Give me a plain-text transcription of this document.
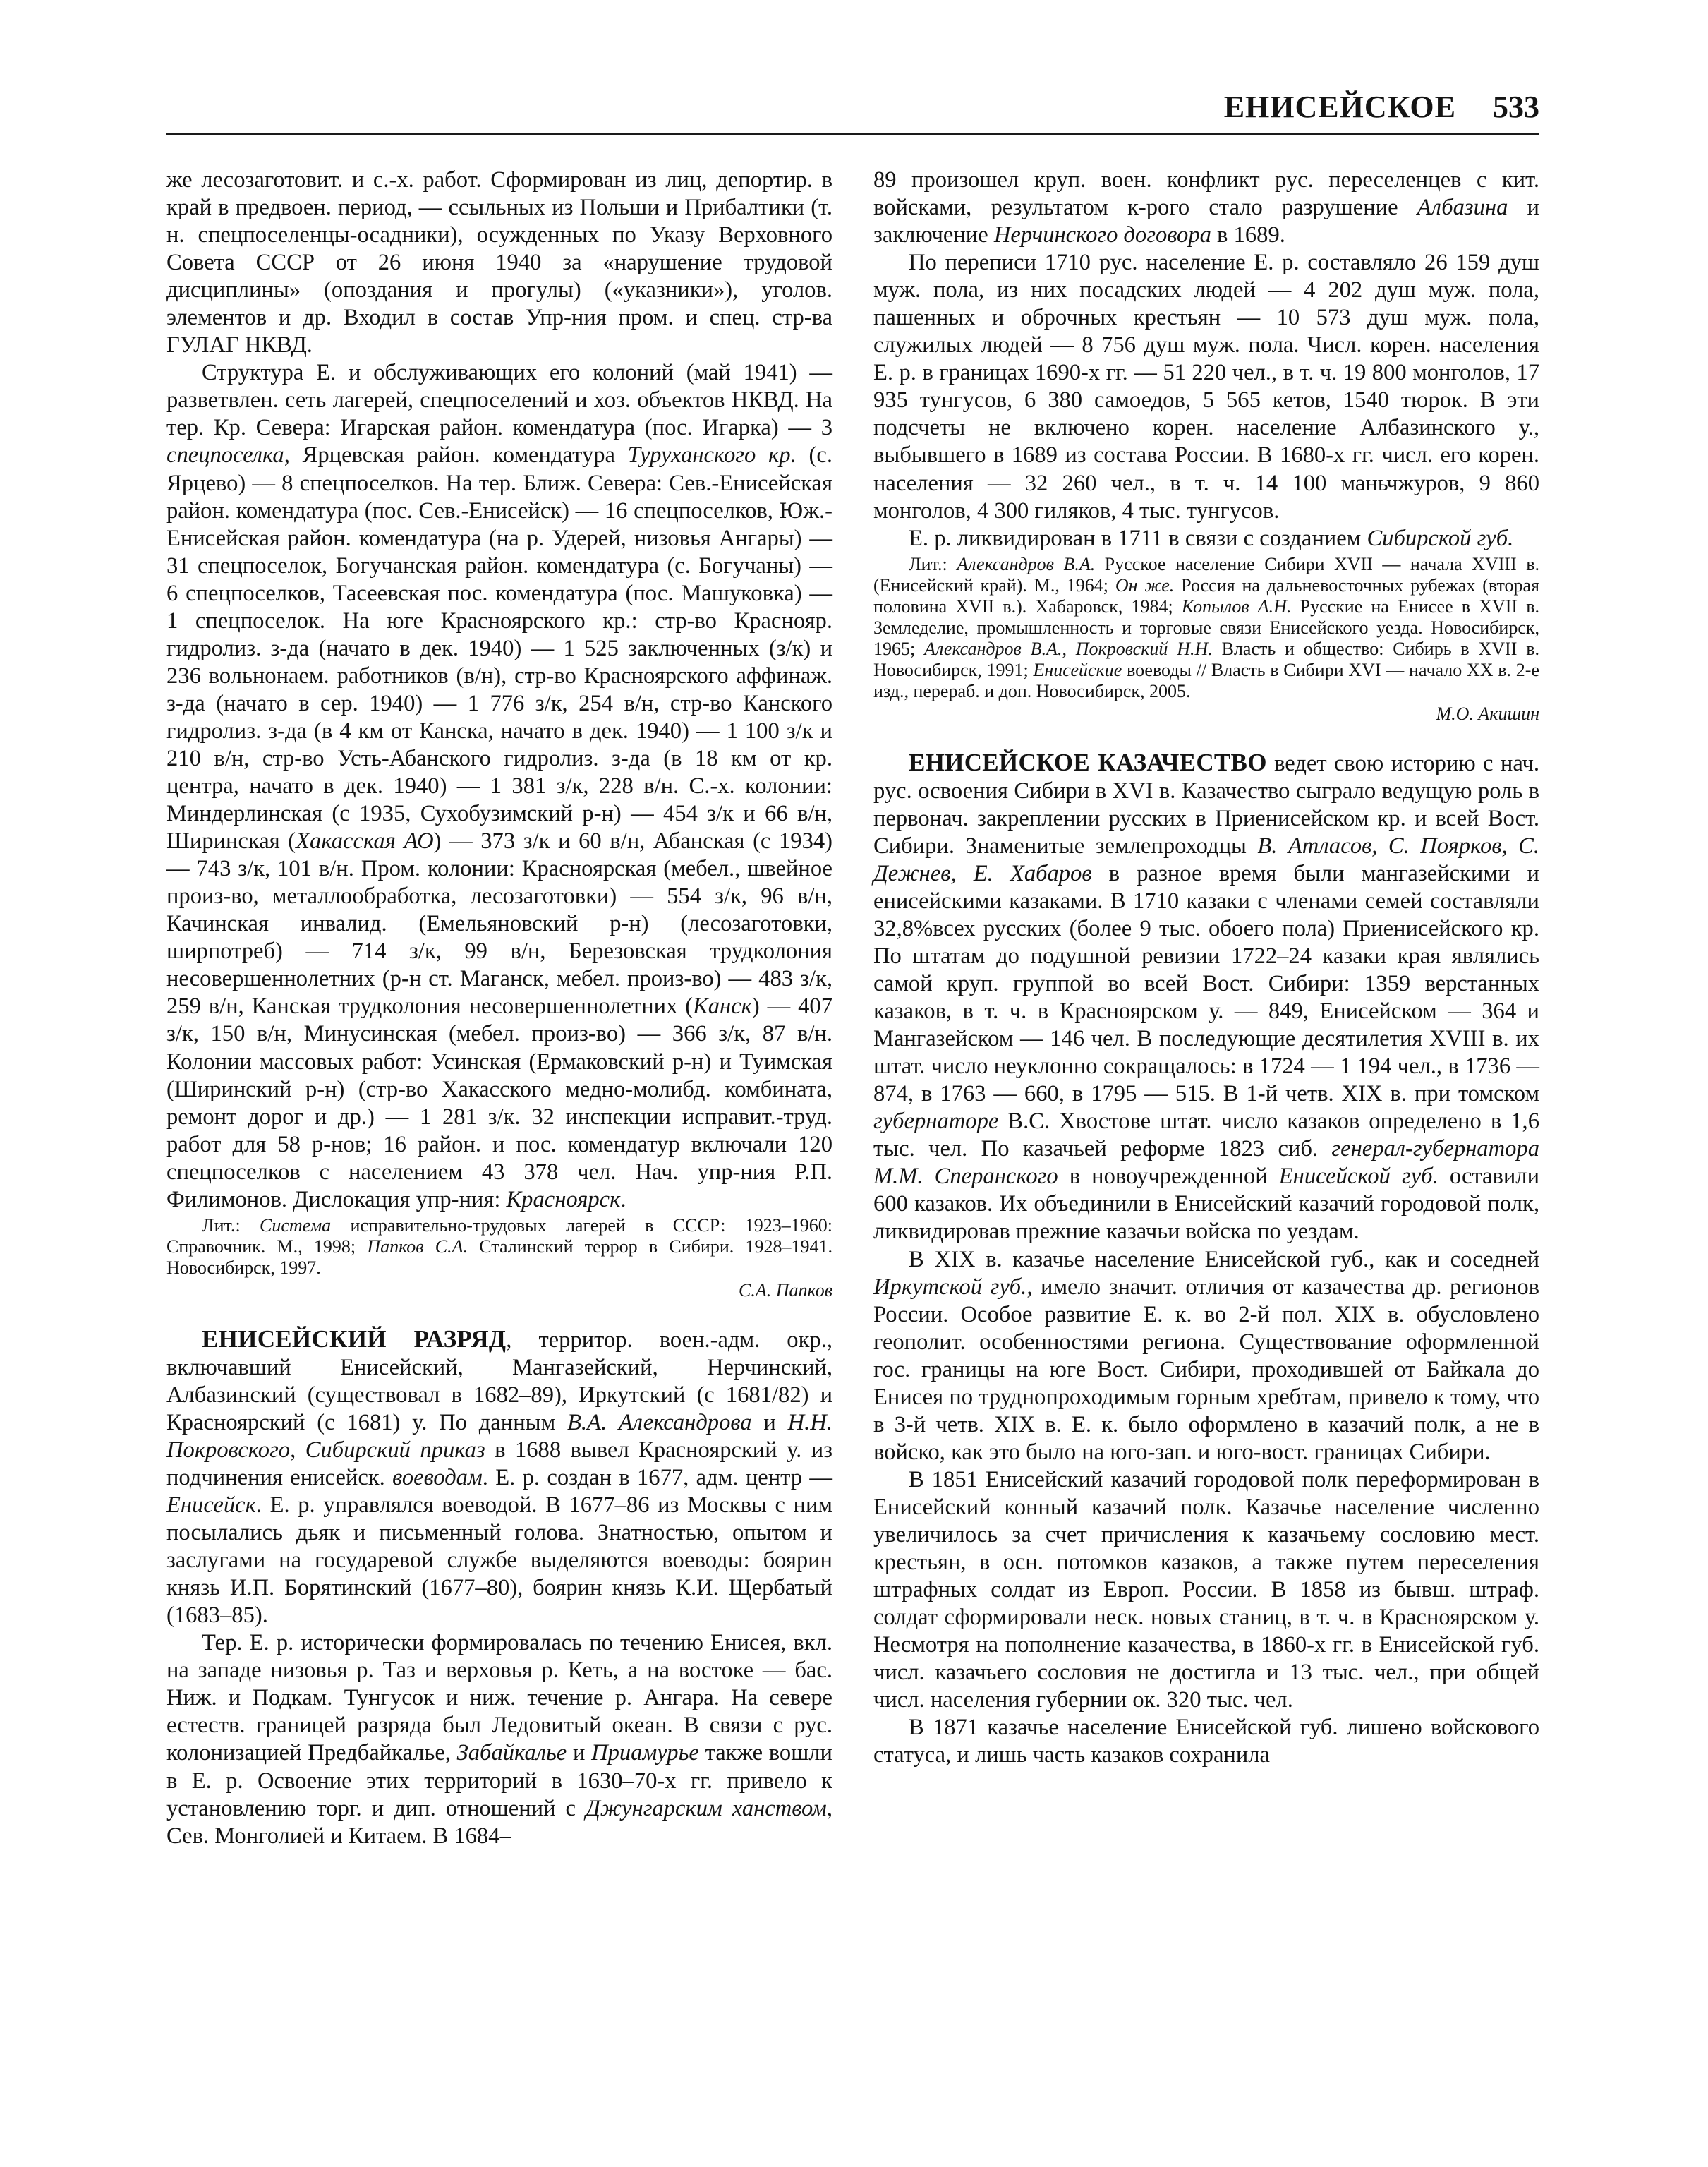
ЕНИСЕЙСКОЕ 533

же лесозаготовит. и с.-х. работ. Сформирован из лиц, депортир. в край в предвоен. период, — ссыльных из Польши и Прибалтики (т. н. спецпоселенцы-осадники), осужденных по Указу Верховного Совета СССР от 26 июня 1940 за «нарушение трудовой дисциплины» (опоздания и прогулы) («указники»), уголов. элементов и др. Входил в состав Упр-ния пром. и спец. стр-ва ГУЛАГ НКВД.

Структура Е. и обслуживающих его колоний (май 1941) — разветвлен. сеть лагерей, спецпоселений и хоз. объектов НКВД. На тер. Кр. Севера: Игарская район. комендатура (пос. Игарка) — 3 спецпоселка, Ярцевская район. комендатура Туруханского кр. (с. Ярцево) — 8 спецпоселков. На тер. Ближ. Севера: Сев.-Енисейская район. комендатура (пос. Сев.-Енисейск) — 16 спецпоселков, Юж.-Енисейская район. комендатура (на р. Удерей, низовья Ангары) — 31 спецпоселок, Богучанская район. комендатура (с. Богучаны) — 6 спецпоселков, Тасеевская пос. комендатура (пос. Машуковка) — 1 спецпоселок. На юге Красноярского кр.: стр-во Краснояр. гидролиз. з-да (начато в дек. 1940) — 1 525 заключенных (з/к) и 236 вольнонаем. работников (в/н), стр-во Красноярского аффинаж. з-да (начато в сер. 1940) — 1 776 з/к, 254 в/н, стр-во Канского гидролиз. з-да (в 4 км от Канска, начато в дек. 1940) — 1 100 з/к и 210 в/н, стр-во Усть-Абанского гидролиз. з-да (в 18 км от кр. центра, начато в дек. 1940) — 1 381 з/к, 228 в/н. С.-х. колонии: Миндерлинская (с 1935, Сухобузимский р-н) — 454 з/к и 66 в/н, Ширинская (Хакасская АО) — 373 з/к и 60 в/н, Абанская (с 1934) — 743 з/к, 101 в/н. Пром. колонии: Красноярская (мебел., швейное произ-во, металлообработка, лесозаготовки) — 554 з/к, 96 в/н, Качинская инвалид. (Емельяновский р-н) (лесозаготовки, ширпотреб) — 714 з/к, 99 в/н, Березовская трудколония несовершеннолетних (р-н ст. Маганск, мебел. произ-во) — 483 з/к, 259 в/н, Канская трудколония несовершеннолетних (Канск) — 407 з/к, 150 в/н, Минусинская (мебел. произ-во) — 366 з/к, 87 в/н. Колонии массовых работ: Усинская (Ермаковский р-н) и Туимская (Ширинский р-н) (стр-во Хакасского медно-молибд. комбината, ремонт дорог и др.) — 1 281 з/к. 32 инспекции исправит.-труд. работ для 58 р-нов; 16 район. и пос. комендатур включали 120 спецпоселков с населением 43 378 чел. Нач. упр-ния Р.П. Филимонов. Дислокация упр-ния: Красноярск.

Лит.: Система исправительно-трудовых лагерей в СССР: 1923–1960: Справочник. М., 1998; Папков С.А. Сталинский террор в Сибири. 1928–1941. Новосибирск, 1997.

С.А. Папков

ЕНИСЕЙСКИЙ РАЗРЯД, территор. воен.-адм. окр., включавший Енисейский, Мангазейский, Нерчинский, Албазинский (существовал в 1682–89), Иркутский (с 1681/82) и Красноярский (с 1681) у. По данным В.А. Александрова и Н.Н. Покровского, Сибирский приказ в 1688 вывел Красноярский у. из подчинения енисейск. воеводам. Е. р. создан в 1677, адм. центр — Енисейск. Е. р. управлялся воеводой. В 1677–86 из Москвы с ним посылались дьяк и письменный голова. Знатностью, опытом и заслугами на государевой службе выделяются воеводы: боярин князь И.П. Борятинский (1677–80), боярин князь К.И. Щербатый (1683–85).

Тер. Е. р. исторически формировалась по течению Енисея, вкл. на западе низовья р. Таз и верховья р. Кеть, а на востоке — бас. Ниж. и Подкам. Тунгусок и ниж. течение р. Ангара. На севере естеств. границей разряда был Ледовитый океан. В связи с рус. колонизацией Предбайкалье, Забайкалье и Приамурье также вошли в Е. р. Освоение этих территорий в 1630–70-х гг. привело к установлению торг. и дип. отношений с Джунгарским ханством, Сев. Монголией и Китаем. В 1684–

89 произошел круп. воен. конфликт рус. переселенцев с кит. войсками, результатом к-рого стало разрушение Албазина и заключение Нерчинского договора в 1689.

По переписи 1710 рус. население Е. р. составляло 26 159 душ муж. пола, из них посадских людей — 4 202 душ муж. пола, пашенных и оброчных крестьян — 10 573 душ муж. пола, служилых людей — 8 756 душ муж. пола. Числ. корен. населения Е. р. в границах 1690-х гг. — 51 220 чел., в т. ч. 19 800 монголов, 17 935 тунгусов, 6 380 самоедов, 5 565 кетов, 1540 тюрок. В эти подсчеты не включено корен. население Албазинского у., выбывшего в 1689 из состава России. В 1680-х гг. числ. его корен. населения — 32 260 чел., в т. ч. 14 100 маньчжуров, 9 860 монголов, 4 300 гиляков, 4 тыс. тунгусов.

Е. р. ликвидирован в 1711 в связи с созданием Сибирской губ.

Лит.: Александров В.А. Русское население Сибири XVII — начала XVIII в. (Енисейский край). М., 1964; Он же. Россия на дальневосточных рубежах (вторая половина XVII в.). Хабаровск, 1984; Копылов А.Н. Русские на Енисее в XVII в. Земледелие, промышленность и торговые связи Енисейского уезда. Новосибирск, 1965; Александров В.А., Покровский Н.Н. Власть и общество: Сибирь в XVII в. Новосибирск, 1991; Енисейские воеводы // Власть в Сибири XVI — начало XX в. 2-е изд., перераб. и доп. Новосибирск, 2005.

М.О. Акишин

ЕНИСЕЙСКОЕ КАЗАЧЕСТВО ведет свою историю с нач. рус. освоения Сибири в XVI в. Казачество сыграло ведущую роль в первонач. закреплении русских в Приенисейском кр. и всей Вост. Сибири. Знаменитые землепроходцы В. Атласов, С. Поярков, С. Дежнев, Е. Хабаров в разное время были мангазейскими и енисейскими казаками. В 1710 казаки с членами семей составляли 32,8%всех русских (более 9 тыс. обоего пола) Приенисейского кр. По штатам до подушной ревизии 1722–24 казаки края являлись самой круп. группой во всей Вост. Сибири: 1359 верстанных казаков, в т. ч. в Красноярском у. — 849, Енисейском — 364 и Мангазейском — 146 чел. В последующие десятилетия XVIII в. их штат. число неуклонно сокращалось: в 1724 — 1 194 чел., в 1736 — 874, в 1763 — 660, в 1795 — 515. В 1-й четв. XIX в. при томском губернаторе В.С. Хвостове штат. число казаков определено в 1,6 тыс. чел. По казачьей реформе 1823 сиб. генерал-губернатора М.М. Сперанского в новоучрежденной Енисейской губ. оставили 600 казаков. Их объединили в Енисейский казачий городовой полк, ликвидировав прежние казачьи войска по уездам.

В XIX в. казачье население Енисейской губ., как и соседней Иркутской губ., имело значит. отличия от казачества др. регионов России. Особое развитие Е. к. во 2-й пол. XIX в. обусловлено геополит. особенностями региона. Существование оформленной гос. границы на юге Вост. Сибири, проходившей от Байкала до Енисея по труднопроходимым горным хребтам, привело к тому, что в 3-й четв. XIX в. Е. к. было оформлено в казачий полк, а не в войско, как это было на юго-зап. и юго-вост. границах Сибири.

В 1851 Енисейский казачий городовой полк переформирован в Енисейский конный казачий полк. Казачье население численно увеличилось за счет причисления к казачьему сословию мест. крестьян, в осн. потомков казаков, а также путем переселения штрафных солдат из Европ. России. В 1858 из бывш. штраф. солдат сформировали неск. новых станиц, в т. ч. в Красноярском у. Несмотря на пополнение казачества, в 1860-х гг. в Енисейской губ. числ. казачьего сословия не достигла и 13 тыс. чел., при общей числ. населения губернии ок. 320 тыс. чел.

В 1871 казачье население Енисейской губ. лишено войскового статуса, и лишь часть казаков сохранила
